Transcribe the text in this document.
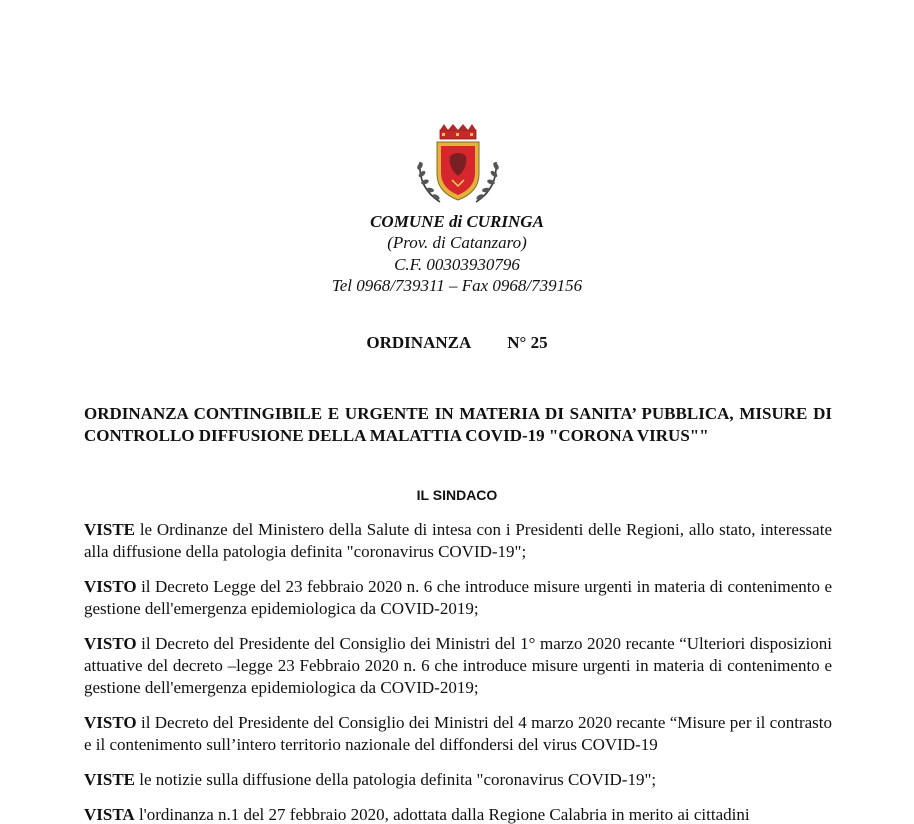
COMUNE di CURINGA
(Prov. di Catanzaro)
C.F. 00303930796
Tel 0968/739311 – Fax 0968/739156
ORDINANZA N° 25
ORDINANZA CONTINGIBILE E URGENTE IN MATERIA DI SANITA’ PUBBLICA, MISURE DI CONTROLLO DIFFUSIONE DELLA MALATTIA COVID-19 "CORONA VIRUS""
IL SINDACO

VISTE le Ordinanze del Ministero della Salute di intesa con i Presidenti delle Regioni, allo stato, interessate alla diffusione della patologia definita "coronavirus COVID-19";

VISTO il Decreto Legge del 23 febbraio 2020 n. 6 che introduce misure urgenti in materia di contenimento e gestione dell'emergenza epidemiologica da COVID-2019;

VISTO il Decreto del Presidente del Consiglio dei Ministri del 1° marzo 2020 recante “Ulteriori disposizioni attuative del decreto –legge 23 Febbraio 2020 n. 6 che introduce misure urgenti in materia di contenimento e gestione dell'emergenza epidemiologica da COVID-2019;

VISTO il Decreto del Presidente del Consiglio dei Ministri del 4 marzo 2020 recante “Misure per il contrasto e il contenimento sull’intero territorio nazionale del diffondersi del virus COVID-19

VISTE le notizie sulla diffusione della patologia definita "coronavirus COVID-19";

VISTA l'ordinanza n.1 del 27 febbraio 2020, adottata dalla Regione Calabria in merito ai cittadini
